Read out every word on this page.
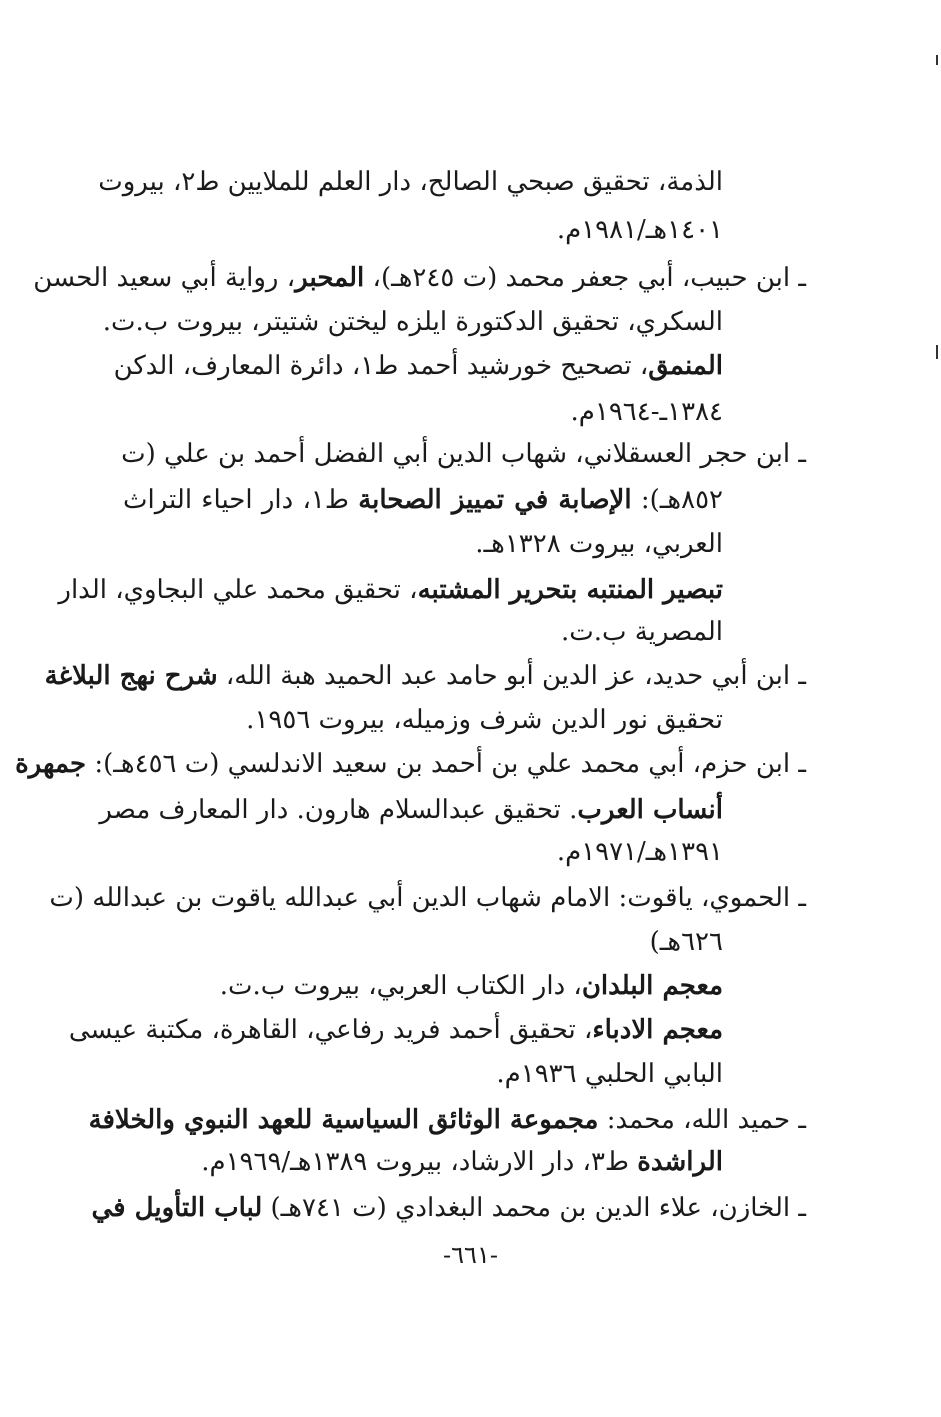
الذمة، تحقيق صبحي الصالح، دار العلم للملايين ط٢، بيروت
١٤٠١هـ/١٩٨١م.
ـ ابن حبيب، أبي جعفر محمد (ت ٢٤٥هـ)، المحبر، رواية أبي سعيد الحسن
السكري، تحقيق الدكتورة ايلزه ليختن شتيتر، بيروت ب.ت.
المنمق، تصحيح خورشيد أحمد ط١، دائرة المعارف، الدكن
١٣٨٤ـ-١٩٦٤م.
ـ ابن حجر العسقلاني، شهاب الدين أبي الفضل أحمد بن علي (ت
٨٥٢هـ): الإصابة في تمييز الصحابة ط١، دار احياء التراث
العربي، بيروت ١٣٢٨هـ.
تبصير المنتبه بتحرير المشتبه، تحقيق محمد علي البجاوي، الدار
المصرية ب.ت.
ـ ابن أبي حديد، عز الدين أبو حامد عبد الحميد هبة الله، شرح نهج البلاغة
تحقيق نور الدين شرف وزميله، بيروت ١٩٥٦.
ـ ابن حزم، أبي محمد علي بن أحمد بن سعيد الاندلسي (ت ٤٥٦هـ): جمهرة
أنساب العرب. تحقيق عبدالسلام هارون. دار المعارف مصر
١٣٩١هـ/١٩٧١م.
ـ الحموي، ياقوت: الامام شهاب الدين أبي عبدالله ياقوت بن عبدالله (ت
٦٢٦هـ)
معجم البلدان، دار الكتاب العربي، بيروت ب.ت.
معجم الادباء، تحقيق أحمد فريد رفاعي، القاهرة، مكتبة عيسى
البابي الحلبي ١٩٣٦م.
ـ حميد الله، محمد: مجموعة الوثائق السياسية للعهد النبوي والخلافة
الراشدة ط٣، دار الارشاد، بيروت ١٣٨٩هـ/١٩٦٩م.
ـ الخازن، علاء الدين بن محمد البغدادي (ت ٧٤١هـ) لباب التأويل في
-٦٦١-
